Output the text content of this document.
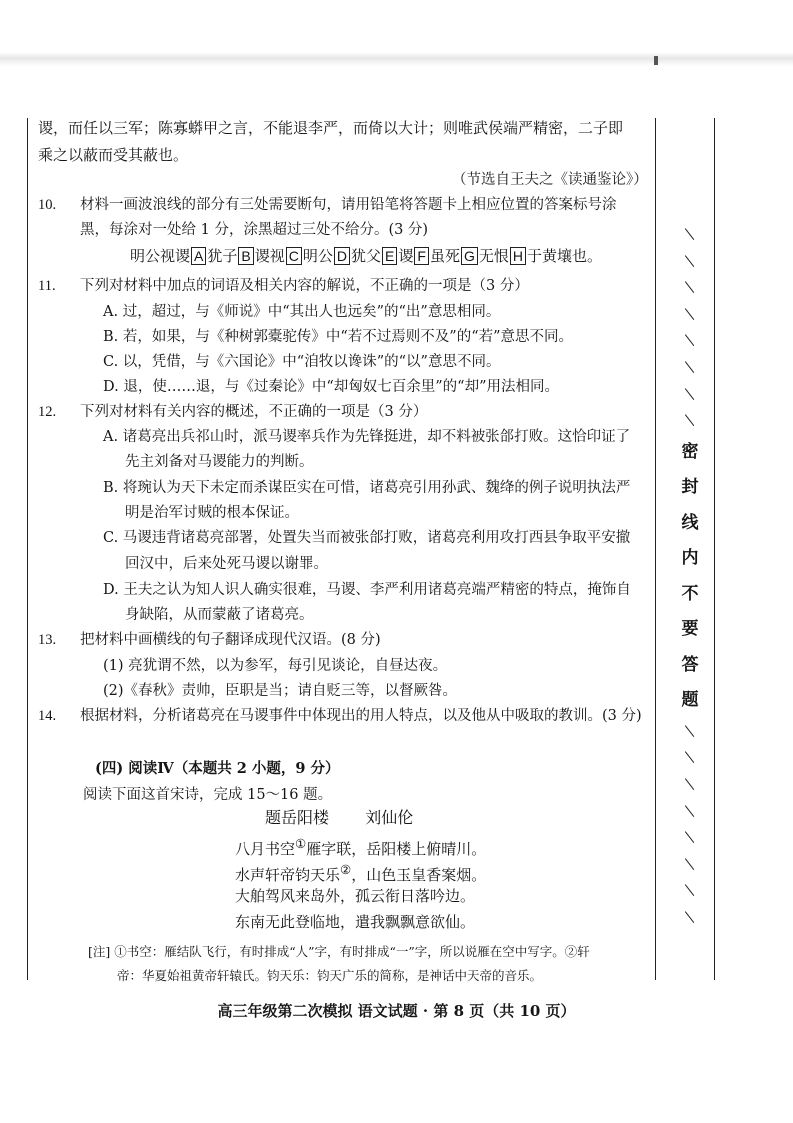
密
封
线
内
不
要
答
题
谡，而任以三军；陈寡蟒甲之言，不能退李严，而倚以大计；则唯武侯端严精密，二子即
乘之以蔽而受其蔽也。
（节选自王夫之《读通鉴论》）
10. 材料一画波浪线的部分有三处需要断句，请用铅笔将答题卡上相应位置的答案标号涂
黑，每涂对一处给 1 分，涂黑超过三处不给分。(3 分)
明公视谡 A 犹子 B 谡视 C 明公 D 犹父 E 谡 F 虽死 G 无恨 H 于黄壤也。
11. 下列对材料中加点的词语及相关内容的解说，不正确的一项是（3 分）
A. 过，超过，与《师说》中“其出人也远矣”的“出”意思相同。
B. 若，如果，与《种树郭橐驼传》中“若不过焉则不及”的“若”意思不同。
C. 以，凭借，与《六国论》中“洎牧以谗诛”的“以”意思不同。
D. 退，使……退，与《过秦论》中“却匈奴七百余里”的“却”用法相同。
12. 下列对材料有关内容的概述，不正确的一项是（3 分）
A. 诸葛亮出兵祁山时，派马谡率兵作为先锋挺进，却不料被张郃打败。这恰印证了
先主刘备对马谡能力的判断。
B. 将琬认为天下未定而杀谋臣实在可惜，诸葛亮引用孙武、魏绛的例子说明执法严
明是治军讨贼的根本保证。
C. 马谡违背诸葛亮部署，处置失当而被张郃打败，诸葛亮利用攻打西县争取平安撤
回汉中，后来处死马谡以谢罪。
D. 王夫之认为知人识人确实很难，马谡、李严利用诸葛亮端严精密的特点，掩饰自
身缺陷，从而蒙蔽了诸葛亮。
13. 把材料中画横线的句子翻译成现代汉语。(8 分)
(1) 亮犹谓不然，以为参军，每引见谈论，自昼达夜。
(2)《春秋》责帅，臣职是当；请自贬三等，以督厥咎。
14. 根据材料，分析诸葛亮在马谡事件中体现出的用人特点，以及他从中吸取的教训。(3 分)
(四) 阅读Ⅳ（本题共 2 小题，9 分）
阅读下面这首宋诗，完成 15～16 题。
题岳阳楼 刘仙伦
八月书空①雁字联，岳阳楼上俯晴川。
水声轩帝钧天乐②，山色玉皇香案烟。
大舶驾风来岛外，孤云衔日落吟边。
东南无此登临地，遣我飘飘意欲仙。
[注] ①书空：雁结队飞行，有时排成“人”字，有时排成“一”字，所以说雁在空中写字。②轩
帝：华夏始祖黄帝轩辕氏。钧天乐：钧天广乐的简称，是神话中天帝的音乐。
高三年级第二次模拟 语文试题 · 第 8 页（共 10 页）
